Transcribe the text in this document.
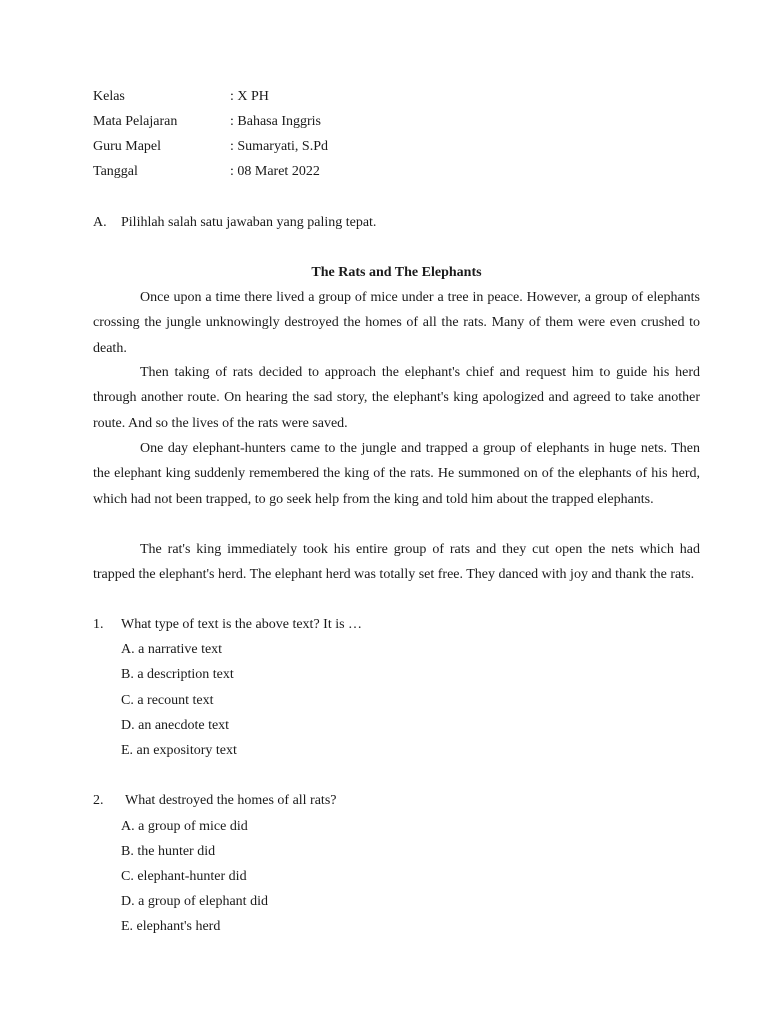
Kelas	: X PH
Mata Pelajaran	: Bahasa Inggris
Guru Mapel	: Sumaryati, S.Pd
Tanggal	: 08 Maret 2022
A. Pilihlah salah satu jawaban yang paling tepat.
The Rats and The Elephants

Once upon a time there lived a group of mice under a tree in peace. However, a group of elephants crossing the jungle unknowingly destroyed the homes of all the rats. Many of them were even crushed to death.

Then taking of rats decided to approach the elephant's chief and request him to guide his herd through another route. On hearing the sad story, the elephant's king apologized and agreed to take another route. And so the lives of the rats were saved.

One day elephant-hunters came to the jungle and trapped a group of elephants in huge nets. Then the elephant king suddenly remembered the king of the rats. He summoned on of the elephants of his herd, which had not been trapped, to go seek help from the king and told him about the trapped elephants.

The rat's king immediately took his entire group of rats and they cut open the nets which had trapped the elephant's herd. The elephant herd was totally set free. They danced with joy and thank the rats.

1. What type of text is the above text? It is …
A. a narrative text
B. a description text
C. a recount text
D. an anecdote text
E. an expository text
2. What destroyed the homes of all rats?
A. a group of mice did
B. the hunter did
C. elephant-hunter did
D. a group of elephant did
E. elephant's herd
